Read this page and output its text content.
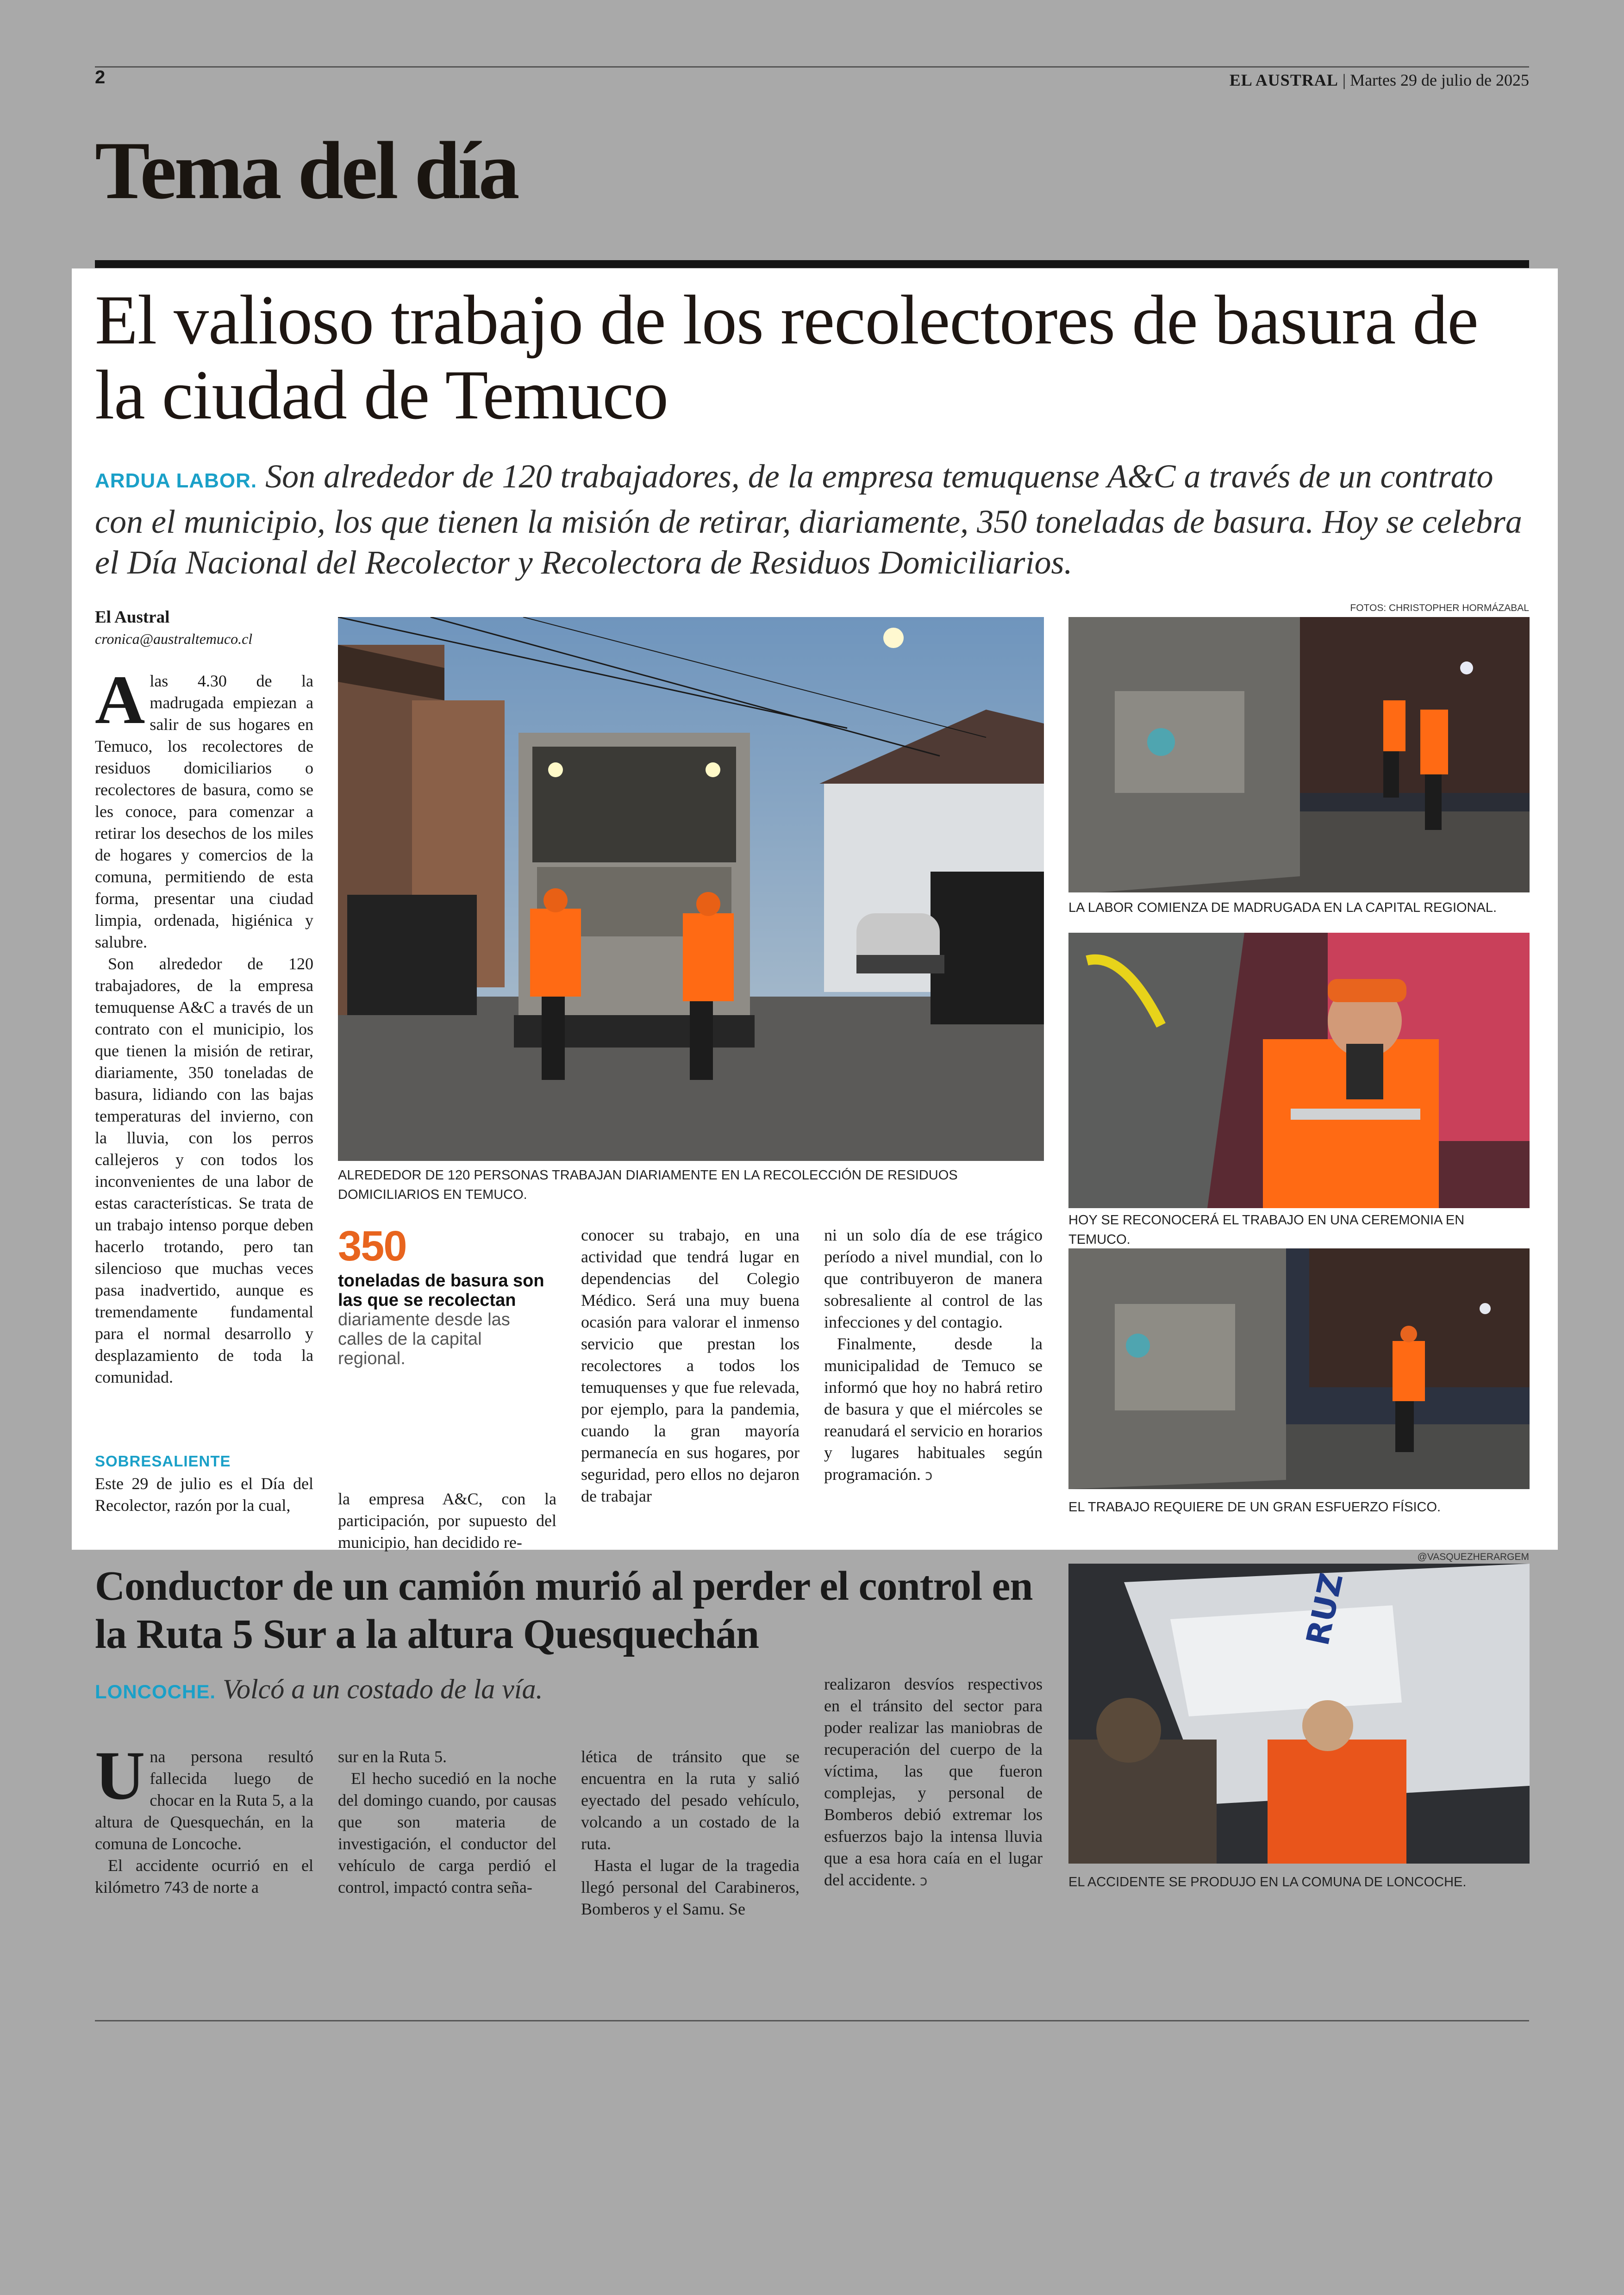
2	EL AUSTRAL | Martes 29 de julio de 2025
Tema del día
El valioso trabajo de los recolectores de basura de la ciudad de Temuco
ARDUA LABOR. Son alrededor de 120 trabajadores, de la empresa temuquense A&C a través de un contrato con el municipio, los que tienen la misión de retirar, diariamente, 350 toneladas de basura. Hoy se celebra el Día Nacional del Recolector y Recolectora de Residuos Domiciliarios.
El Austral
cronica@australtemuco.cl

Alas 4.30 de la madrugada empiezan a salir de sus hogares en Temuco, los recolectores de residuos domiciliarios o recolectores de basura, como se les conoce, para comenzar a retirar los desechos de los miles de hogares y comercios de la comuna, permitiendo de esta forma, presentar una ciudad limpia, ordenada, higiénica y salubre.

Son alrededor de 120 trabajadores, de la empresa temuquense A&C a través de un contrato con el municipio, los que tienen la misión de retirar, diariamente, 350 toneladas de basura, lidiando con las bajas temperaturas del invierno, con la lluvia, con los perros callejeros y con todos los inconvenientes de una labor de estas características. Se trata de un trabajo intenso porque deben hacerlo trotando, pero tan silencioso que muchas veces pasa inadvertido, aunque es tremendamente fundamental para el normal desarrollo y desplazamiento de toda la comunidad.

SOBRESALIENTE

Este 29 de julio es el Día del Recolector, razón por la cual,

ALREDEDOR DE 120 PERSONAS TRABAJAN DIARIAMENTE EN LA RECOLECCIÓN DE RESIDUOS DOMICILIARIOS EN TEMUCO.
FOTOS: CHRISTOPHER HORMÁZABAL
LA LABOR COMIENZA DE MADRUGADA EN LA CAPITAL REGIONAL.
HOY SE RECONOCERÁ EL TRABAJO EN UNA CEREMONIA EN TEMUCO.
EL TRABAJO REQUIERE DE UN GRAN ESFUERZO FÍSICO.
350
toneladas de basura son las que se recolectan diariamente desde las calles de la capital regional.

la empresa A&C, con la participación, por supuesto del municipio, han decidido re-

conocer su trabajo, en una actividad que tendrá lugar en dependencias del Colegio Médico. Será una muy buena ocasión para valorar el inmenso servicio que prestan los recolectores a todos los temuquenses y que fue relevada, por ejemplo, para la pandemia, cuando la gran mayoría permanecía en sus hogares, por seguridad, pero ellos no dejaron de trabajar

ni un solo día de ese trágico período a nivel mundial, con lo que contribuyeron de manera sobresaliente al control de las infecciones y del contagio.

Finalmente, desde la municipalidad de Temuco se informó que hoy no habrá retiro de basura y que el miércoles se reanudará el servicio en horarios y lugares habituales según programación. ↄ

Conductor de un camión murió al perder el control en la Ruta 5 Sur a la altura Quesquechán
LONCOCHE. Volcó a un costado de la vía.

Una persona resultó fallecida luego de chocar en la Ruta 5, a la altura de Quesquechán, en la comuna de Loncoche.

El accidente ocurrió en el kilómetro 743 de norte a

sur en la Ruta 5.

El hecho sucedió en la noche del domingo cuando, por causas que son materia de investigación, el conductor del vehículo de carga perdió el control, impactó contra seña-

lética de tránsito que se encuentra en la ruta y salió eyectado del pesado vehículo, volcando a un costado de la ruta.

Hasta el lugar de la tragedia llegó personal del Carabineros, Bomberos y el Samu. Se

realizaron desvíos respectivos en el tránsito del sector para poder realizar las maniobras de recuperación del cuerpo de la víctima, las que fueron complejas, y personal de Bomberos debió extremar los esfuerzos bajo la intensa lluvia que a esa hora caía en el lugar del accidente. ↄ

@VASQUEZHERARGEM
RUZ
EL ACCIDENTE SE PRODUJO EN LA COMUNA DE LONCOCHE.
